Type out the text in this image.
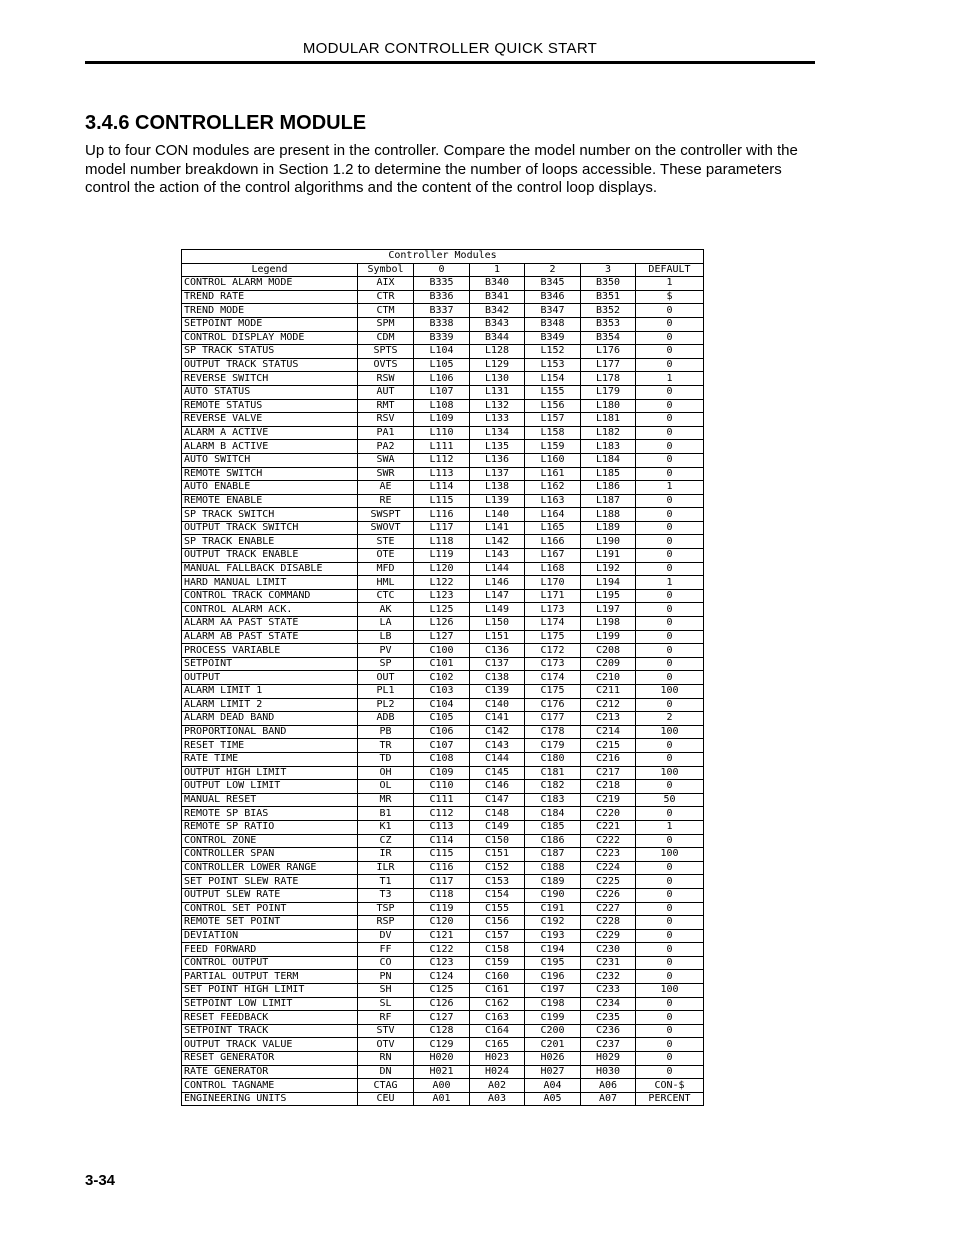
MODULAR CONTROLLER QUICK START
3.4.6 CONTROLLER MODULE

Up to four CON modules are present in the controller. Compare the model number on the controller with the model number breakdown in Section 1.2 to determine the number of loops accessible. These parameters control the action of the control algorithms and the content of the control loop displays.

Controller Modules						
Legend	Symbol	0	1	2	3	DEFAULT
CONTROL ALARM MODE	AIX	B335	B340	B345	B350	1
TREND RATE	CTR	B336	B341	B346	B351	$
TREND MODE	CTM	B337	B342	B347	B352	0
SETPOINT MODE	SPM	B338	B343	B348	B353	0
CONTROL DISPLAY MODE	CDM	B339	B344	B349	B354	0
SP TRACK STATUS	SPTS	L104	L128	L152	L176	0
OUTPUT TRACK STATUS	OVTS	L105	L129	L153	L177	0
REVERSE SWITCH	RSW	L106	L130	L154	L178	1
AUTO STATUS	AUT	L107	L131	L155	L179	0
REMOTE STATUS	RMT	L108	L132	L156	L180	0
REVERSE VALVE	RSV	L109	L133	L157	L181	0
ALARM A ACTIVE	PA1	L110	L134	L158	L182	0
ALARM B ACTIVE	PA2	L111	L135	L159	L183	0
AUTO SWITCH	SWA	L112	L136	L160	L184	0
REMOTE SWITCH	SWR	L113	L137	L161	L185	0
AUTO ENABLE	AE	L114	L138	L162	L186	1
REMOTE ENABLE	RE	L115	L139	L163	L187	0
SP TRACK SWITCH	SWSPT	L116	L140	L164	L188	0
OUTPUT TRACK SWITCH	SWOVT	L117	L141	L165	L189	0
SP TRACK ENABLE	STE	L118	L142	L166	L190	0
OUTPUT TRACK ENABLE	OTE	L119	L143	L167	L191	0
MANUAL FALLBACK DISABLE	MFD	L120	L144	L168	L192	0
HARD MANUAL LIMIT	HML	L122	L146	L170	L194	1
CONTROL TRACK COMMAND	CTC	L123	L147	L171	L195	0
CONTROL ALARM ACK.	AK	L125	L149	L173	L197	0
ALARM AA PAST STATE	LA	L126	L150	L174	L198	0
ALARM AB PAST STATE	LB	L127	L151	L175	L199	0
PROCESS VARIABLE	PV	C100	C136	C172	C208	0
SETPOINT	SP	C101	C137	C173	C209	0
OUTPUT	OUT	C102	C138	C174	C210	0
ALARM LIMIT 1	PL1	C103	C139	C175	C211	100
ALARM LIMIT 2	PL2	C104	C140	C176	C212	0
ALARM DEAD BAND	ADB	C105	C141	C177	C213	2
PROPORTIONAL BAND	PB	C106	C142	C178	C214	100
RESET TIME	TR	C107	C143	C179	C215	0
RATE TIME	TD	C108	C144	C180	C216	0
OUTPUT HIGH LIMIT	OH	C109	C145	C181	C217	100
OUTPUT LOW LIMIT	OL	C110	C146	C182	C218	0
MANUAL RESET	MR	C111	C147	C183	C219	50
REMOTE SP BIAS	B1	C112	C148	C184	C220	0
REMOTE SP RATIO	K1	C113	C149	C185	C221	1
CONTROL ZONE	CZ	C114	C150	C186	C222	0
CONTROLLER SPAN	IR	C115	C151	C187	C223	100
CONTROLLER LOWER RANGE	ILR	C116	C152	C188	C224	0
SET POINT SLEW RATE	T1	C117	C153	C189	C225	0
OUTPUT SLEW RATE	T3	C118	C154	C190	C226	0
CONTROL SET POINT	TSP	C119	C155	C191	C227	0
REMOTE SET POINT	RSP	C120	C156	C192	C228	0
DEVIATION	DV	C121	C157	C193	C229	0
FEED FORWARD	FF	C122	C158	C194	C230	0
CONTROL OUTPUT	CO	C123	C159	C195	C231	0
PARTIAL OUTPUT TERM	PN	C124	C160	C196	C232	0
SET POINT HIGH LIMIT	SH	C125	C161	C197	C233	100
SETPOINT LOW LIMIT	SL	C126	C162	C198	C234	0
RESET FEEDBACK	RF	C127	C163	C199	C235	0
SETPOINT TRACK	STV	C128	C164	C200	C236	0
OUTPUT TRACK VALUE	OTV	C129	C165	C201	C237	0
RESET GENERATOR	RN	H020	H023	H026	H029	0
RATE GENERATOR	DN	H021	H024	H027	H030	0
CONTROL TAGNAME	CTAG	A00	A02	A04	A06	CON-$
ENGINEERING UNITS	CEU	A01	A03	A05	A07	PERCENT
3-34
